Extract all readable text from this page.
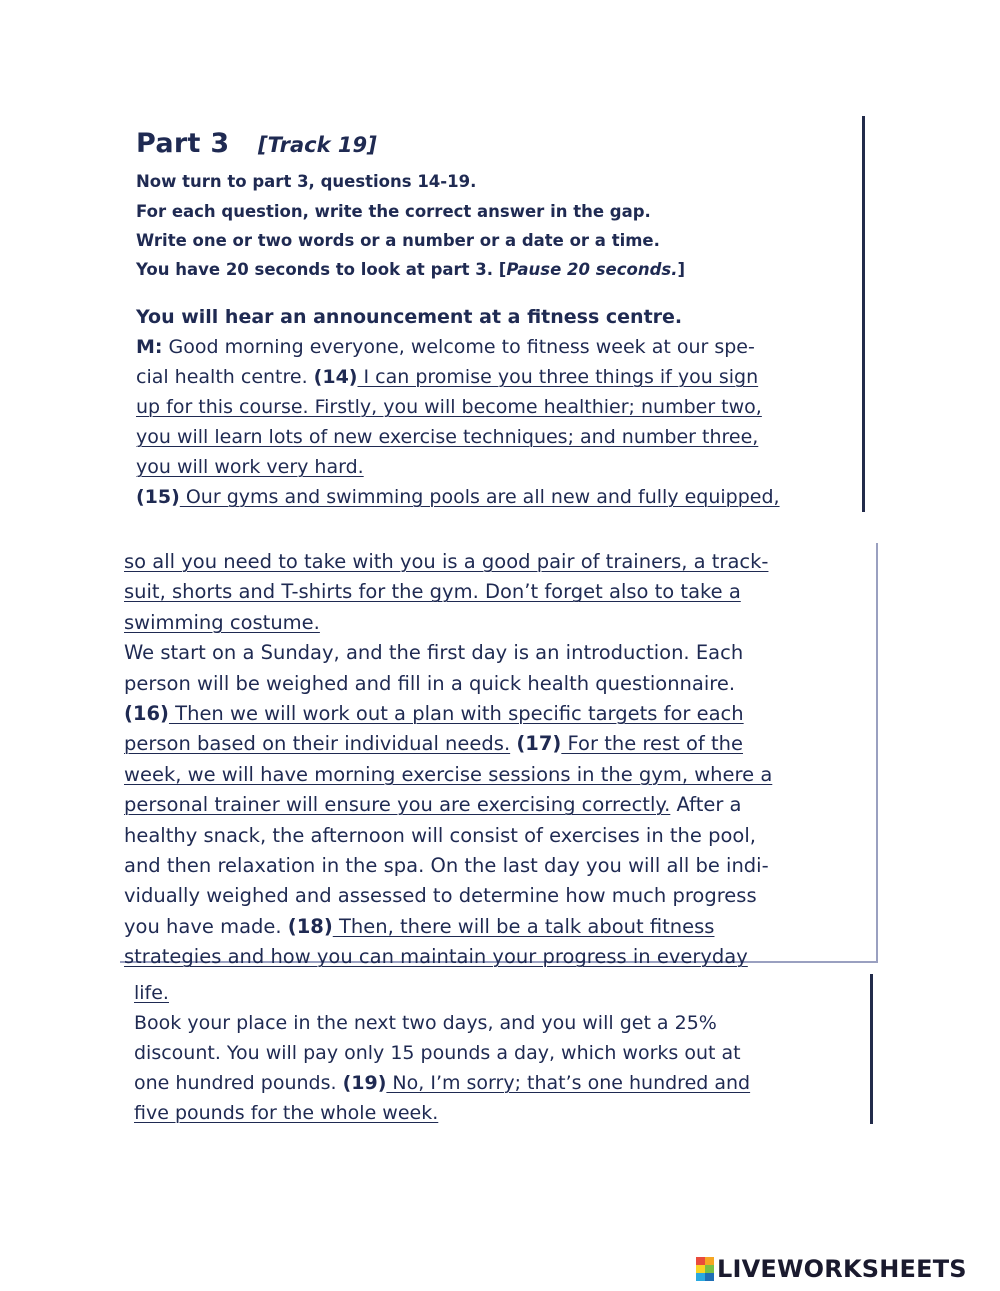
Part 3 [Track 19]
Now turn to part 3, questions 14-19.
For each question, write the correct answer in the gap.
Write one or two words or a number or a date or a time.
You have 20 seconds to look at part 3. [Pause 20 seconds.]
You will hear an announcement at a fitness centre.
M: Good morning everyone, welcome to fitness week at our spe-
cial health centre. (14) I can promise you three things if you sign
up for this course. Firstly, you will become healthier; number two,
you will learn lots of new exercise techniques; and number three,
you will work very hard.
(15) Our gyms and swimming pools are all new and fully equipped,
so all you need to take with you is a good pair of trainers, a track-
suit, shorts and T-shirts for the gym. Don’t forget also to take a
swimming costume.
We start on a Sunday, and the first day is an introduction. Each
person will be weighed and fill in a quick health questionnaire.
(16) Then we will work out a plan with specific targets for each
person based on their individual needs. (17) For the rest of the
week, we will have morning exercise sessions in the gym, where a
personal trainer will ensure you are exercising correctly. After a
healthy snack, the afternoon will consist of exercises in the pool,
and then relaxation in the spa. On the last day you will all be indi-
vidually weighed and assessed to determine how much progress
you have made. (18) Then, there will be a talk about fitness
strategies and how you can maintain your progress in everyday
life.
Book your place in the next two days, and you will get a 25%
discount. You will pay only 15 pounds a day, which works out at
one hundred pounds. (19) No, I’m sorry; that’s one hundred and
five pounds for the whole week.
LIVEWORKSHEETS
